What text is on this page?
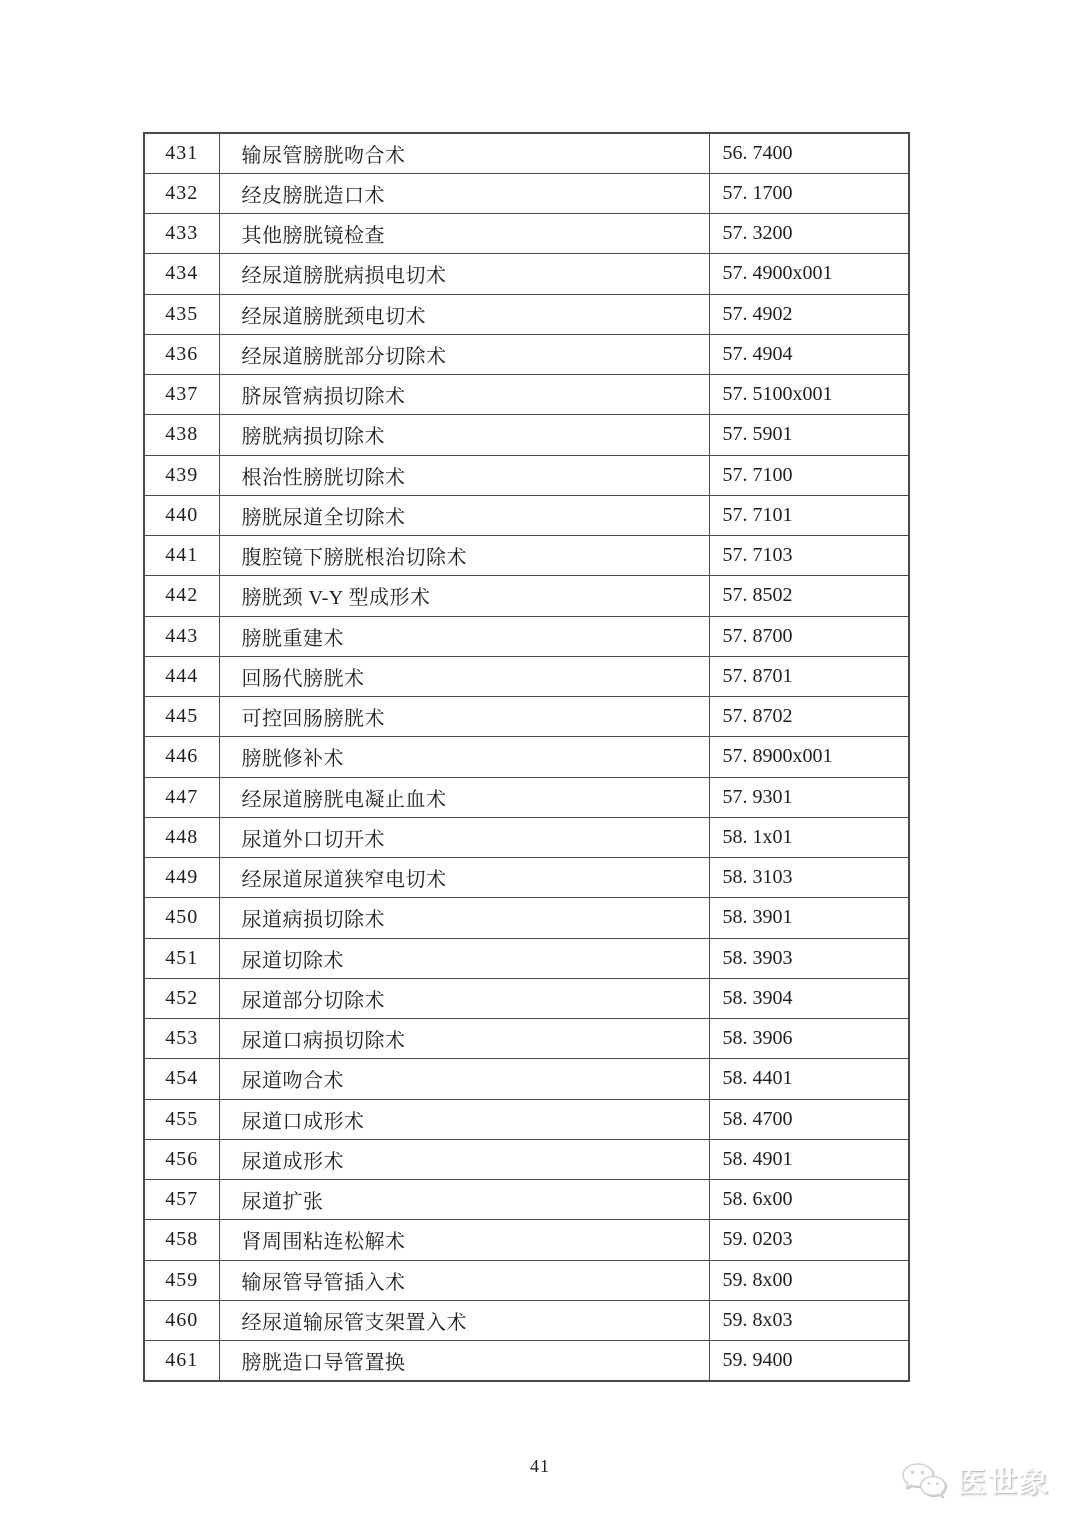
431	输尿管膀胱吻合术	56. 7400
432	经皮膀胱造口术	57. 1700
433	其他膀胱镜检查	57. 3200
434	经尿道膀胱病损电切术	57. 4900x001
435	经尿道膀胱颈电切术	57. 4902
436	经尿道膀胱部分切除术	57. 4904
437	脐尿管病损切除术	57. 5100x001
438	膀胱病损切除术	57. 5901
439	根治性膀胱切除术	57. 7100
440	膀胱尿道全切除术	57. 7101
441	腹腔镜下膀胱根治切除术	57. 7103
442	膀胱颈 V-Y 型成形术	57. 8502
443	膀胱重建术	57. 8700
444	回肠代膀胱术	57. 8701
445	可控回肠膀胱术	57. 8702
446	膀胱修补术	57. 8900x001
447	经尿道膀胱电凝止血术	57. 9301
448	尿道外口切开术	58. 1x01
449	经尿道尿道狭窄电切术	58. 3103
450	尿道病损切除术	58. 3901
451	尿道切除术	58. 3903
452	尿道部分切除术	58. 3904
453	尿道口病损切除术	58. 3906
454	尿道吻合术	58. 4401
455	尿道口成形术	58. 4700
456	尿道成形术	58. 4901
457	尿道扩张	58. 6x00
458	肾周围粘连松解术	59. 0203
459	输尿管导管插入术	59. 8x00
460	经尿道输尿管支架置入术	59. 8x03
461	膀胱造口导管置换	59. 9400
41
医世象
